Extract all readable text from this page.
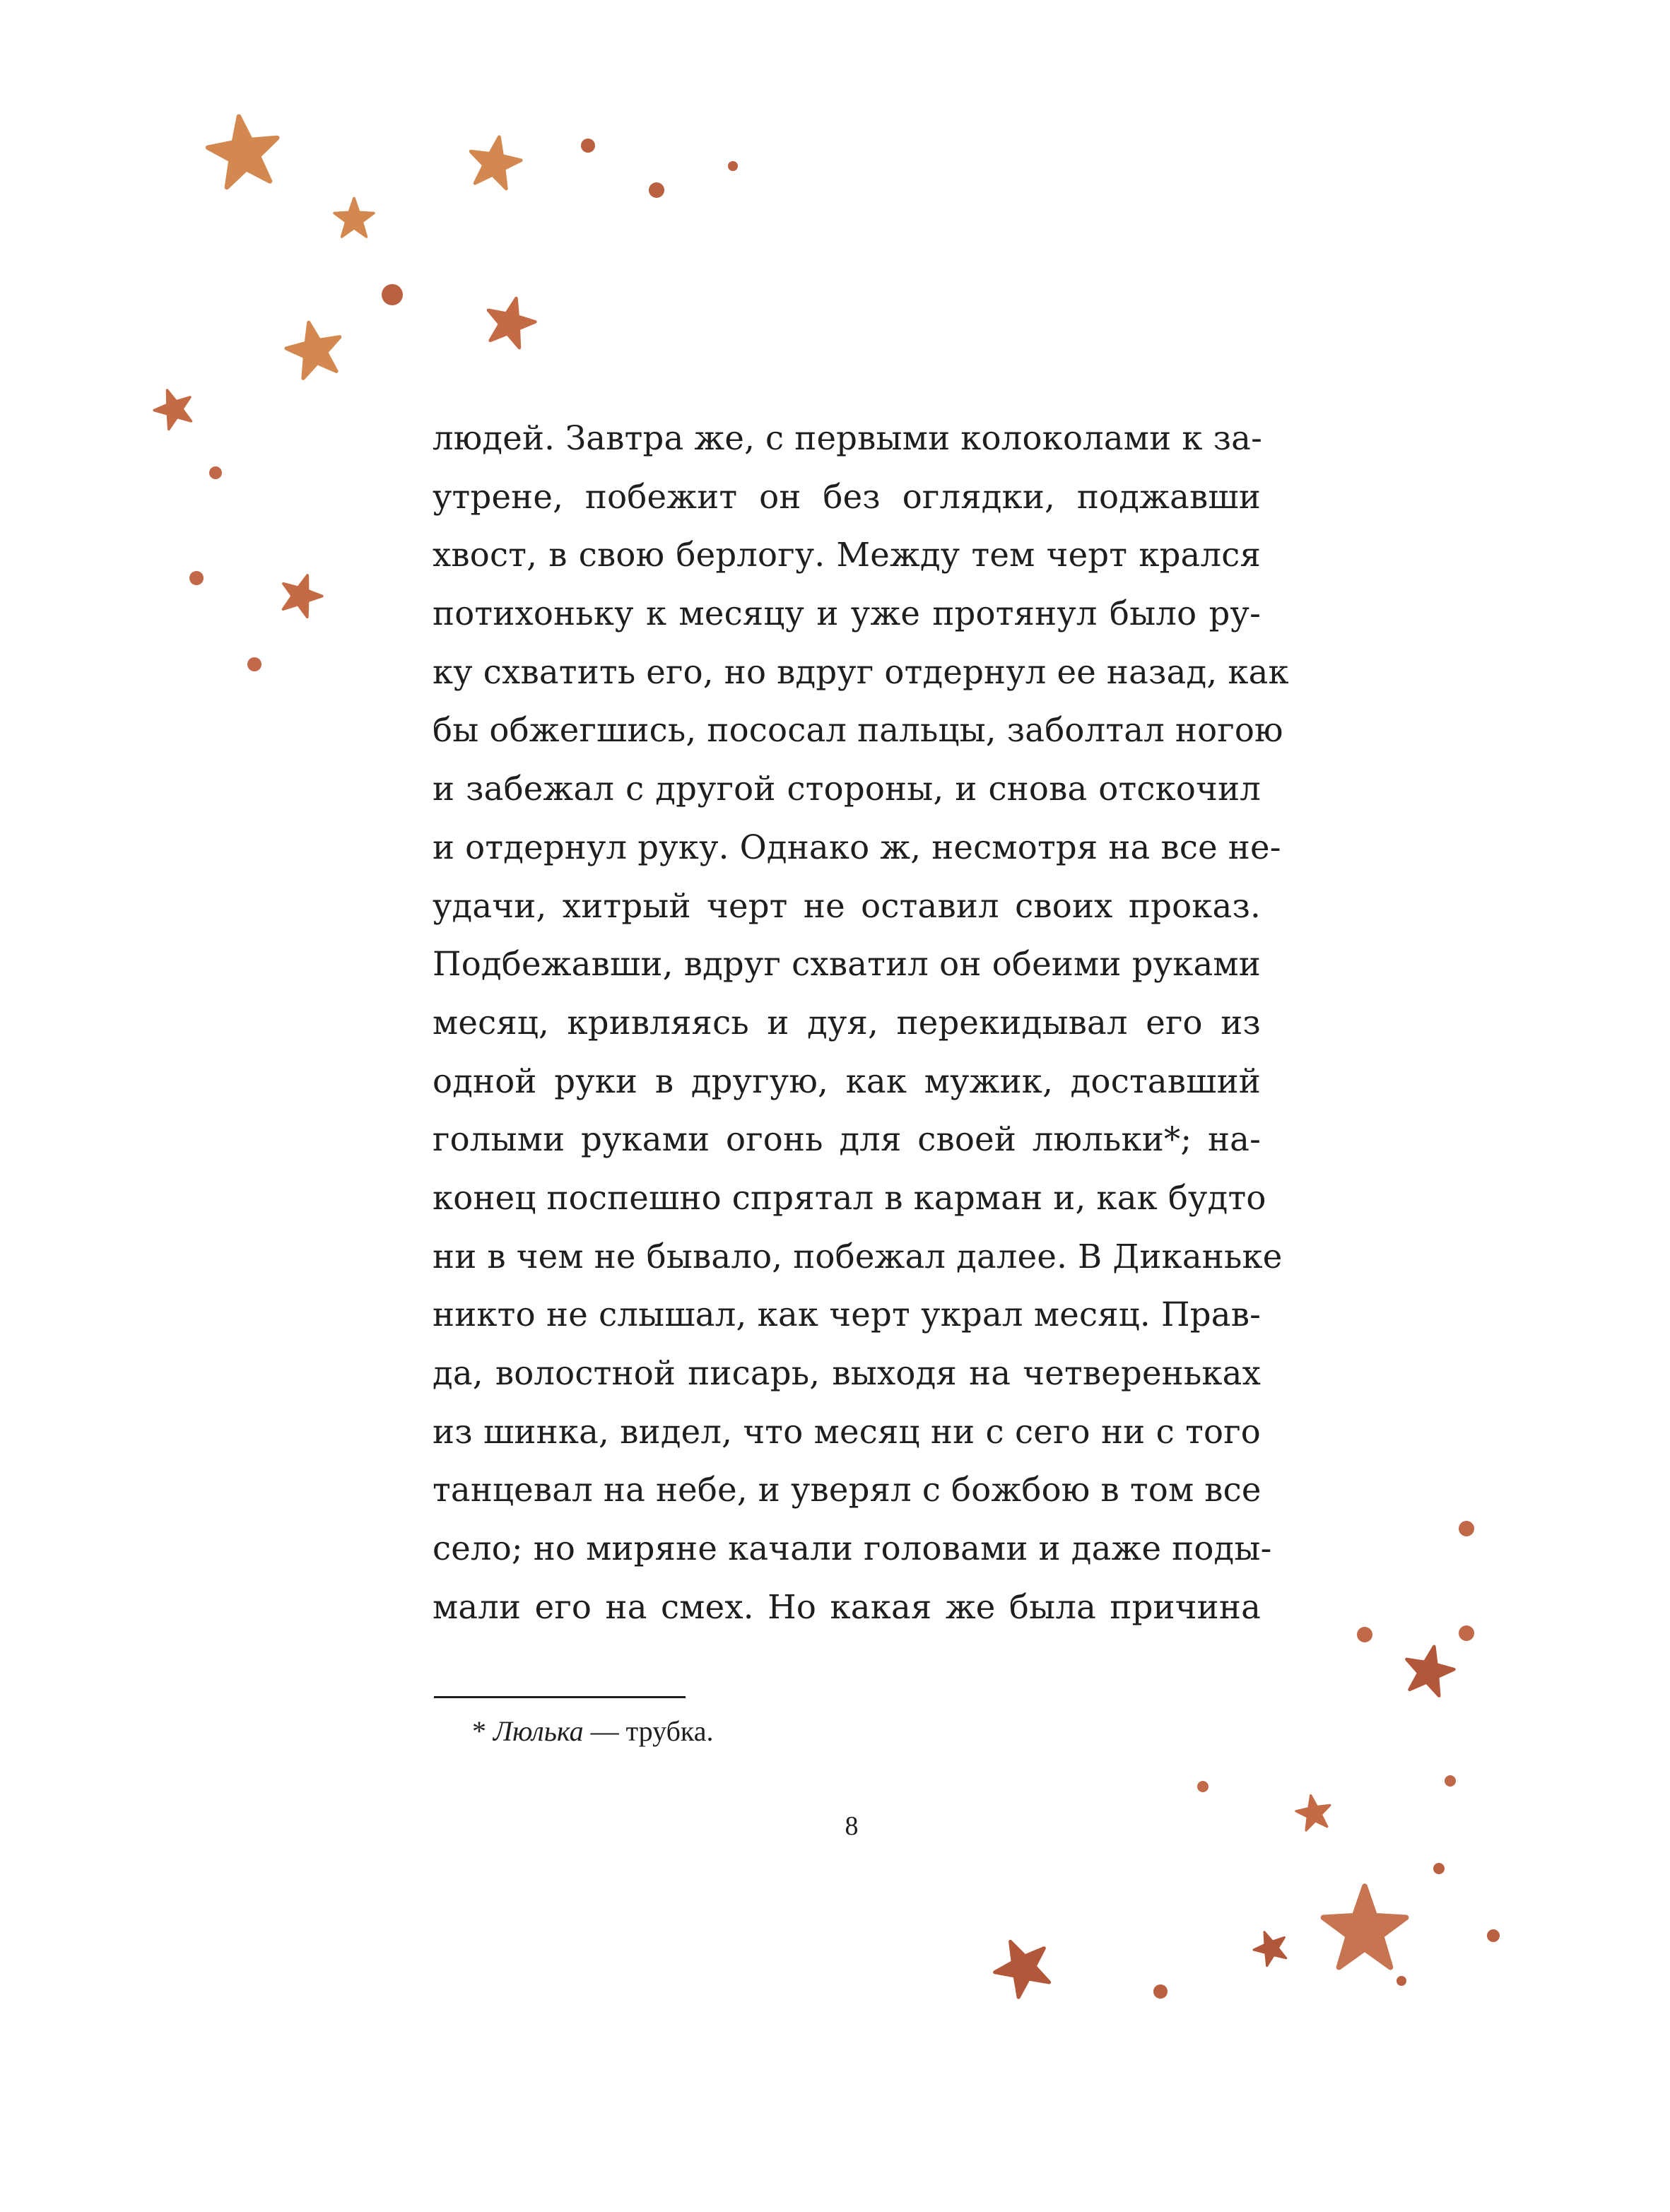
людей. Завтра же, с первыми колоколами к за-
утрене, побежит он без оглядки, поджавши
хвост, в свою берлогу. Между тем черт крался
потихоньку к месяцу и уже протянул было ру-
ку схватить его, но вдруг отдернул ее назад, как
бы обжегшись, пососал пальцы, заболтал ногою
и забежал с другой стороны, и снова отскочил
и отдернул руку. Однако ж, несмотря на все не-
удачи, хитрый черт не оставил своих проказ.
Подбежавши, вдруг схватил он обеими руками
месяц, кривляясь и дуя, перекидывал его из
одной руки в другую, как мужик, доставший
голыми руками огонь для своей люльки*; на-
конец поспешно спрятал в карман и, как будто
ни в чем не бывало, побежал далее. В Диканьке
никто не слышал, как черт украл месяц. Прав-
да, волостной писарь, выходя на четвереньках
из шинка, видел, что месяц ни с сего ни с того
танцевал на небе, и уверял с божбою в том все
село; но миряне качали головами и даже поды-
мали его на смех. Но какая же была причина
* Люлька — трубка.
8
